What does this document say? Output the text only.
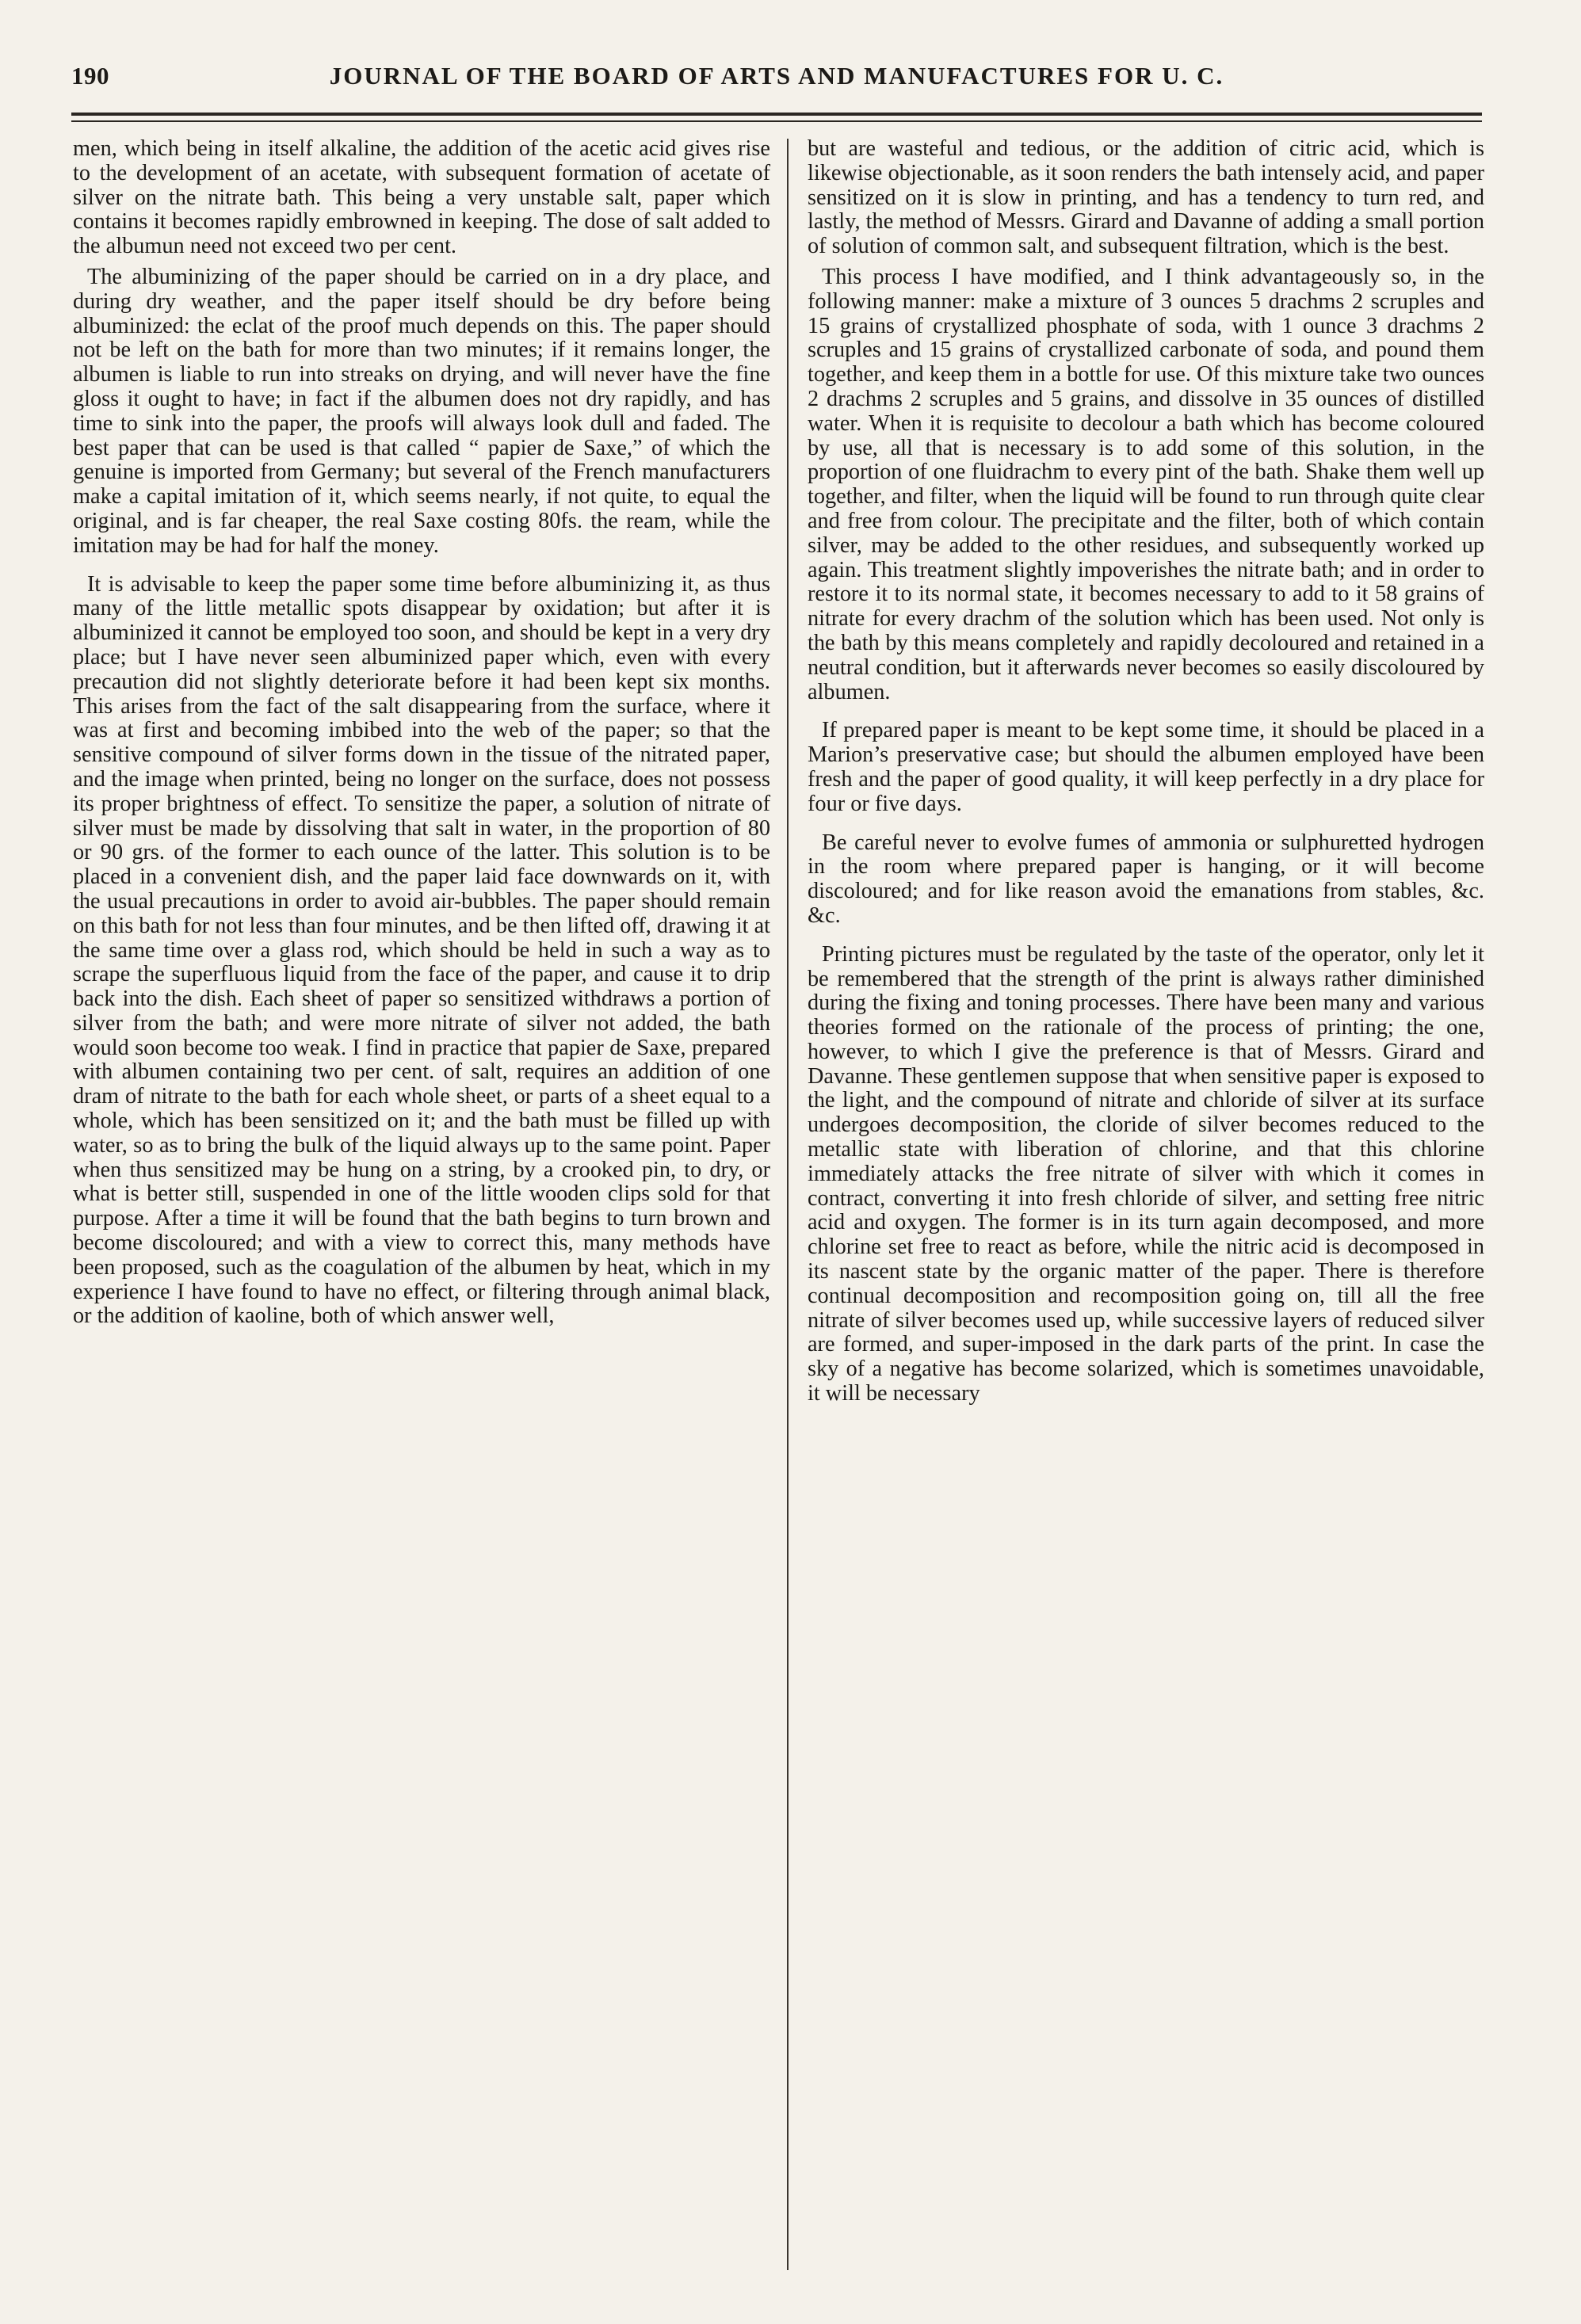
190	JOURNAL OF THE BOARD OF ARTS AND MANUFACTURES FOR U. C.

men, which being in itself alkaline, the addition of the acetic acid gives rise to the development of an acetate, with subsequent formation of acetate of silver on the nitrate bath. This being a very unstable salt, paper which contains it becomes rapidly embrowned in keeping. The dose of salt added to the albumun need not exceed two per cent.

The albuminizing of the paper should be carried on in a dry place, and during dry weather, and the paper itself should be dry before being albuminized: the eclat of the proof much depends on this. The paper should not be left on the bath for more than two minutes; if it remains longer, the albumen is liable to run into streaks on drying, and will never have the fine gloss it ought to have; in fact if the albumen does not dry rapidly, and has time to sink into the paper, the proofs will always look dull and faded. The best paper that can be used is that called “ papier de Saxe,” of which the genuine is imported from Germany; but several of the French manufacturers make a capital imitation of it, which seems nearly, if not quite, to equal the original, and is far cheaper, the real Saxe costing 80fs. the ream, while the imitation may be had for half the money.

It is advisable to keep the paper some time before albuminizing it, as thus many of the little metallic spots disappear by oxidation; but after it is albuminized it cannot be employed too soon, and should be kept in a very dry place; but I have never seen albuminized paper which, even with every precaution did not slightly deteriorate before it had been kept six months. This arises from the fact of the salt disappearing from the surface, where it was at first and becoming imbibed into the web of the paper; so that the sensitive compound of silver forms down in the tissue of the nitrated paper, and the image when printed, being no longer on the surface, does not possess its proper brightness of effect. To sensitize the paper, a solution of nitrate of silver must be made by dissolving that salt in water, in the proportion of 80 or 90 grs. of the former to each ounce of the latter. This solution is to be placed in a convenient dish, and the paper laid face downwards on it, with the usual precautions in order to avoid air-bubbles. The paper should remain on this bath for not less than four minutes, and be then lifted off, drawing it at the same time over a glass rod, which should be held in such a way as to scrape the superfluous liquid from the face of the paper, and cause it to drip back into the dish. Each sheet of paper so sensitized withdraws a portion of silver from the bath; and were more nitrate of silver not added, the bath would soon become too weak. I find in practice that papier de Saxe, prepared with albumen containing two per cent. of salt, requires an addition of one dram of nitrate to the bath for each whole sheet, or parts of a sheet equal to a whole, which has been sensitized on it; and the bath must be filled up with water, so as to bring the bulk of the liquid always up to the same point. Paper when thus sensitized may be hung on a string, by a crooked pin, to dry, or what is better still, suspended in one of the little wooden clips sold for that purpose. After a time it will be found that the bath begins to turn brown and become discoloured; and with a view to correct this, many methods have been proposed, such as the coagulation of the albumen by heat, which in my experience I have found to have no effect, or filtering through animal black, or the addition of kaoline, both of which answer well,

but are wasteful and tedious, or the addition of citric acid, which is likewise objectionable, as it soon renders the bath intensely acid, and paper sensitized on it is slow in printing, and has a tendency to turn red, and lastly, the method of Messrs. Girard and Davanne of adding a small portion of solution of common salt, and subsequent filtration, which is the best.

This process I have modified, and I think advantageously so, in the following manner: make a mixture of 3 ounces 5 drachms 2 scruples and 15 grains of crystallized phosphate of soda, with 1 ounce 3 drachms 2 scruples and 15 grains of crystallized carbonate of soda, and pound them together, and keep them in a bottle for use. Of this mixture take two ounces 2 drachms 2 scruples and 5 grains, and dissolve in 35 ounces of distilled water. When it is requisite to decolour a bath which has become coloured by use, all that is necessary is to add some of this solution, in the proportion of one fluidrachm to every pint of the bath. Shake them well up together, and filter, when the liquid will be found to run through quite clear and free from colour. The precipitate and the filter, both of which contain silver, may be added to the other residues, and subsequently worked up again. This treatment slightly impoverishes the nitrate bath; and in order to restore it to its normal state, it becomes necessary to add to it 58 grains of nitrate for every drachm of the solution which has been used. Not only is the bath by this means completely and rapidly decoloured and retained in a neutral condition, but it afterwards never becomes so easily discoloured by albumen.

If prepared paper is meant to be kept some time, it should be placed in a Marion’s preservative case; but should the albumen employed have been fresh and the paper of good quality, it will keep perfectly in a dry place for four or five days.

Be careful never to evolve fumes of ammonia or sulphuretted hydrogen in the room where prepared paper is hanging, or it will become discoloured; and for like reason avoid the emanations from stables, &c. &c.

Printing pictures must be regulated by the taste of the operator, only let it be remembered that the strength of the print is always rather diminished during the fixing and toning processes. There have been many and various theories formed on the rationale of the process of printing; the one, however, to which I give the preference is that of Messrs. Girard and Davanne. These gentlemen suppose that when sensitive paper is exposed to the light, and the compound of nitrate and chloride of silver at its surface undergoes decomposition, the cloride of silver becomes reduced to the metallic state with liberation of chlorine, and that this chlorine immediately attacks the free nitrate of silver with which it comes in contract, converting it into fresh chloride of silver, and setting free nitric acid and oxygen. The former is in its turn again decomposed, and more chlorine set free to react as before, while the nitric acid is decomposed in its nascent state by the organic matter of the paper. There is therefore continual decomposition and recomposition going on, till all the free nitrate of silver becomes used up, while successive layers of reduced silver are formed, and super-imposed in the dark parts of the print. In case the sky of a negative has become solarized, which is sometimes unavoidable, it will be necessary
